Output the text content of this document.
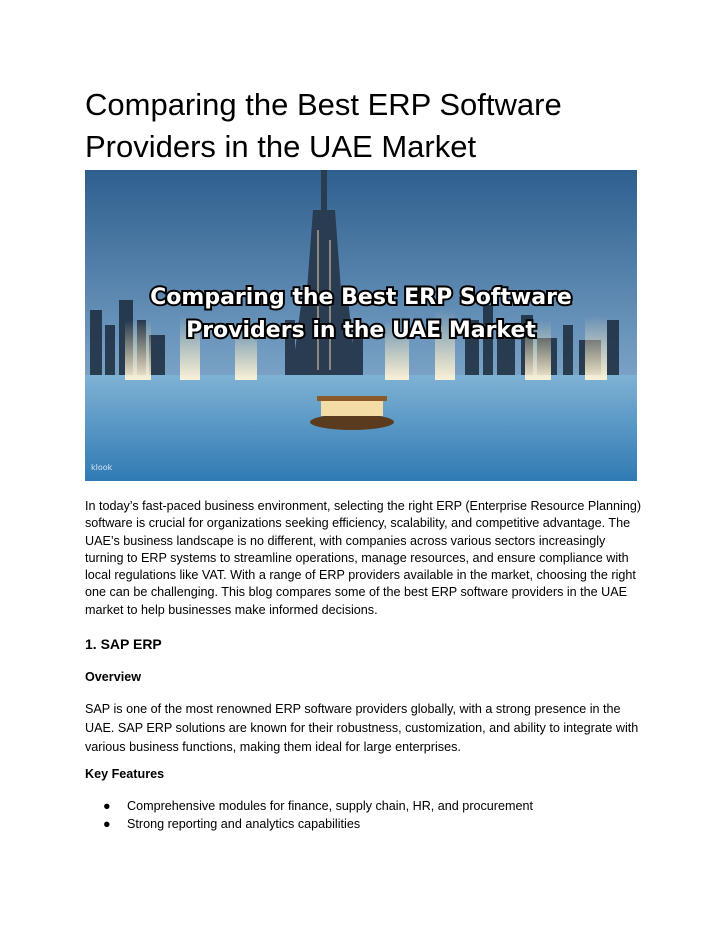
Comparing the Best ERP Software Providers in the UAE Market
Comparing the Best ERP Software
Providers in the UAE Market
klook

In today’s fast-paced business environment, selecting the right ERP (Enterprise Resource Planning) software is crucial for organizations seeking efficiency, scalability, and competitive advantage. The UAE’s business landscape is no different, with companies across various sectors increasingly turning to ERP systems to streamline operations, manage resources, and ensure compliance with local regulations like VAT. With a range of ERP providers available in the market, choosing the right one can be challenging. This blog compares some of the best ERP software providers in the UAE market to help businesses make informed decisions.

1. SAP ERP
Overview

SAP is one of the most renowned ERP software providers globally, with a strong presence in the UAE. SAP ERP solutions are known for their robustness, customization, and ability to integrate with various business functions, making them ideal for large enterprises.

Key Features
● Comprehensive modules for finance, supply chain, HR, and procurement
● Strong reporting and analytics capabilities
